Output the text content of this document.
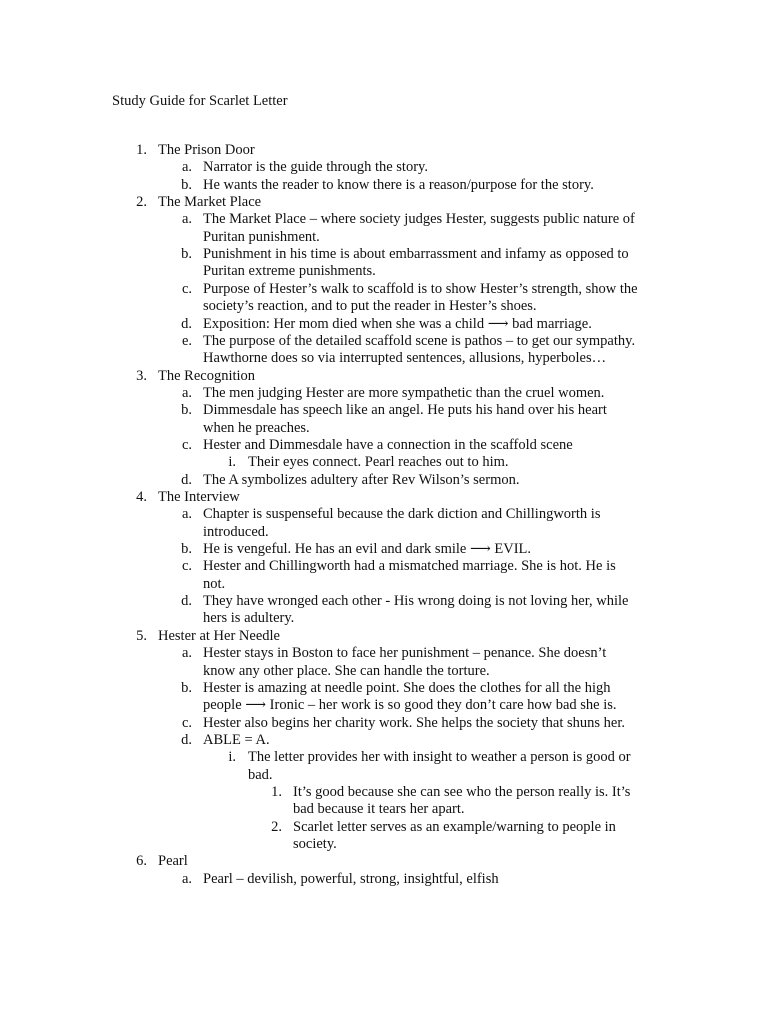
Study Guide for Scarlet Letter
1. The Prison Door
a. Narrator is the guide through the story.
b. He wants the reader to know there is a reason/purpose for the story.
2. The Market Place
a. The Market Place – where society judges Hester, suggests public nature of
Puritan punishment.
b. Punishment in his time is about embarrassment and infamy as opposed to
Puritan extreme punishments.
c. Purpose of Hester’s walk to scaffold is to show Hester’s strength, show the
society’s reaction, and to put the reader in Hester’s shoes.
d. Exposition: Her mom died when she was a child ⟶ bad marriage.
e. The purpose of the detailed scaffold scene is pathos – to get our sympathy.
Hawthorne does so via interrupted sentences, allusions, hyperboles…
3. The Recognition
a. The men judging Hester are more sympathetic than the cruel women.
b. Dimmesdale has speech like an angel. He puts his hand over his heart
when he preaches.
c. Hester and Dimmesdale have a connection in the scaffold scene
i. Their eyes connect. Pearl reaches out to him.
d. The A symbolizes adultery after Rev Wilson’s sermon.
4. The Interview
a. Chapter is suspenseful because the dark diction and Chillingworth is
introduced.
b. He is vengeful. He has an evil and dark smile ⟶ EVIL.
c. Hester and Chillingworth had a mismatched marriage. She is hot. He is
not.
d. They have wronged each other - His wrong doing is not loving her, while
hers is adultery.
5. Hester at Her Needle
a. Hester stays in Boston to face her punishment – penance. She doesn’t
know any other place. She can handle the torture.
b. Hester is amazing at needle point. She does the clothes for all the high
people ⟶ Ironic – her work is so good they don’t care how bad she is.
c. Hester also begins her charity work. She helps the society that shuns her.
d. ABLE = A.
i. The letter provides her with insight to weather a person is good or
bad.
1. It’s good because she can see who the person really is. It’s
bad because it tears her apart.
2. Scarlet letter serves as an example/warning to people in
society.
6. Pearl
a. Pearl – devilish, powerful, strong, insightful, elfish
